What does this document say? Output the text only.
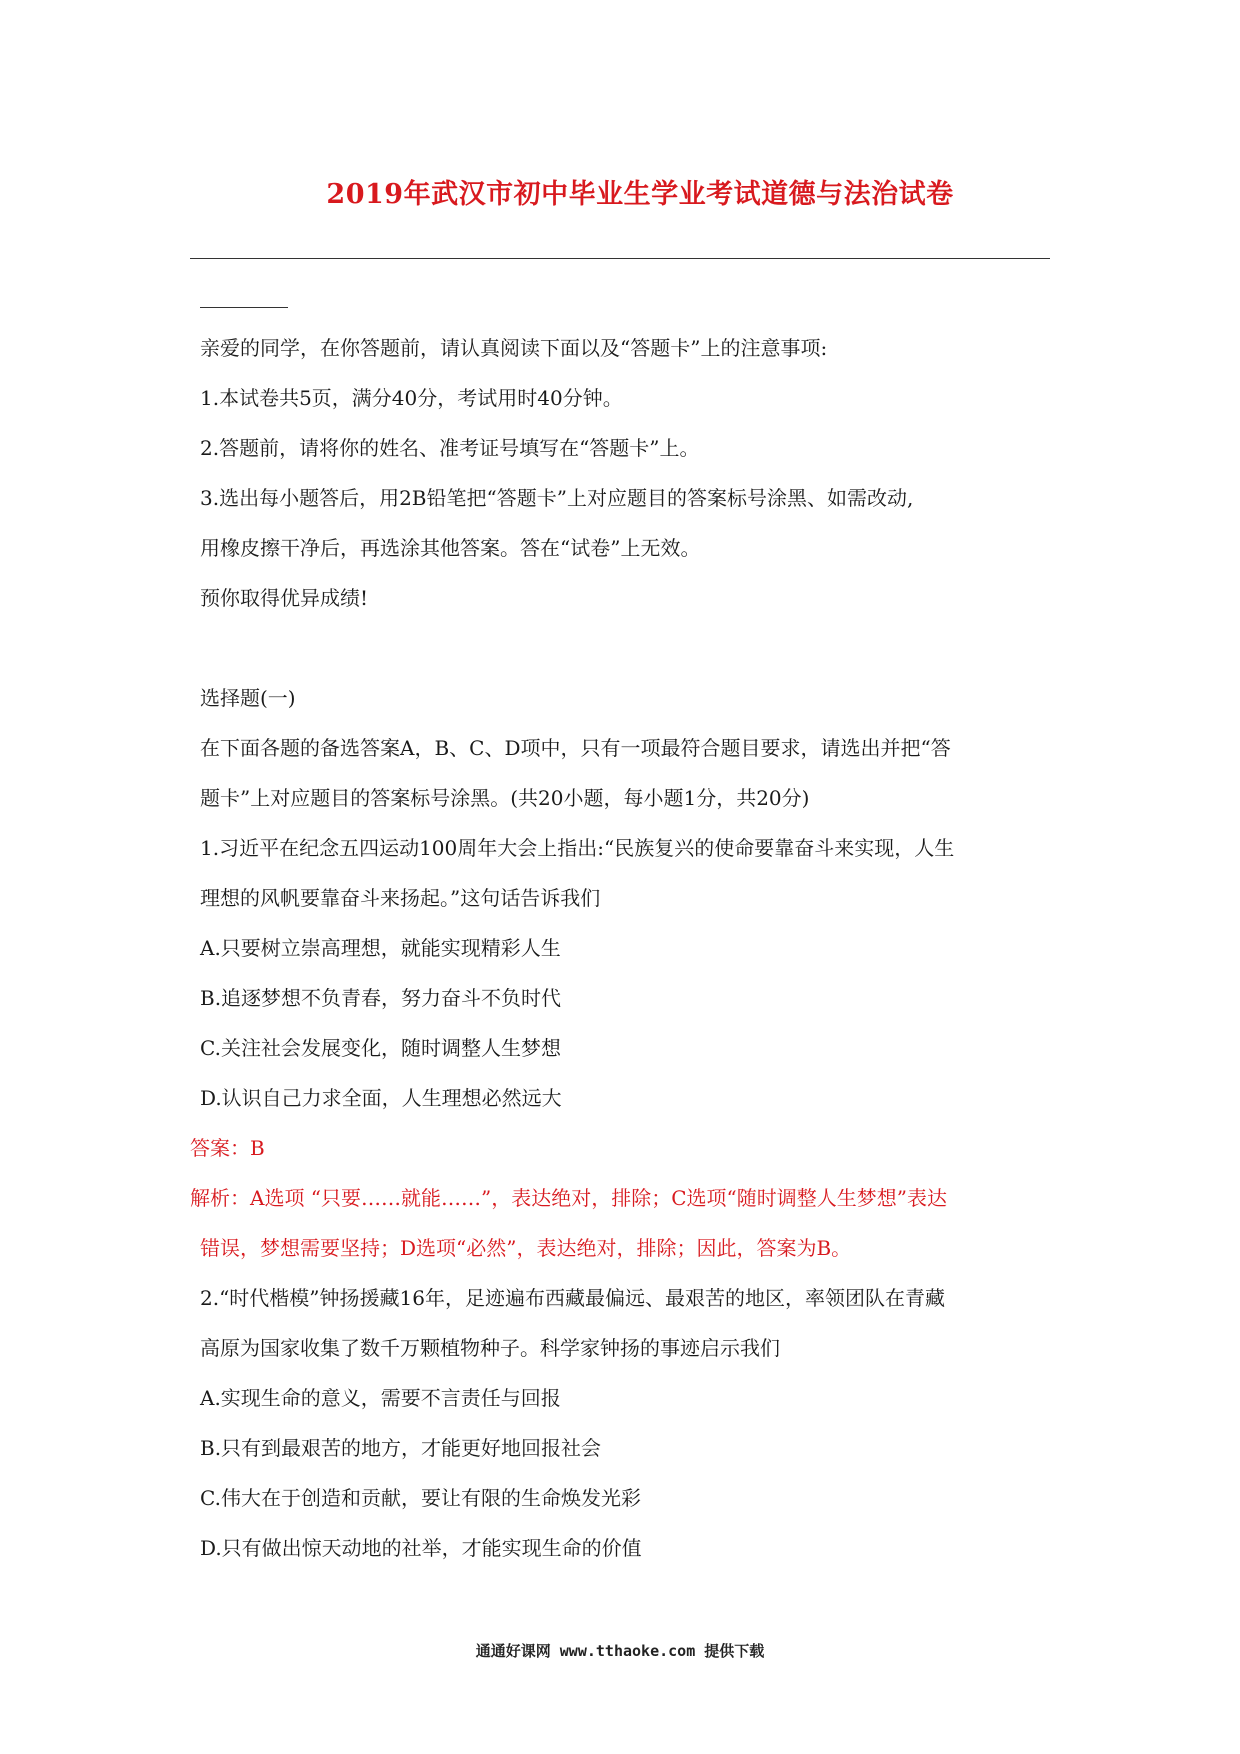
2019年武汉市初中毕业生学业考试道德与法治试卷
亲爱的同学，在你答题前，请认真阅读下面以及“答题卡”上的注意事项:
1.本试卷共5页，满分40分，考试用时40分钟。
2.答题前，请将你的姓名、准考证号填写在“答题卡”上。
3.选出每小题答后，用2B铅笔把“答题卡”上对应题目的答案标号涂黑、如需改动,
用橡皮擦干净后，再选涂其他答案。答在“试卷”上无效。
预你取得优异成绩!
选择题(一)
在下面各题的备选答案A，B、C、D项中，只有一项最符合题目要求，请选出并把“答
题卡”上对应题目的答案标号涂黑。(共20小题，每小题1分，共20分)
1.习近平在纪念五四运动100周年大会上指出:“民族复兴的使命要靠奋斗来实现，人生
理想的风帆要靠奋斗来扬起。”这句话告诉我们
A.只要树立崇高理想，就能实现精彩人生
B.追逐梦想不负青春，努力奋斗不负时代
C.关注社会发展变化，随时调整人生梦想
D.认识自己力求全面，人生理想必然远大
答案：B
解析：A选项 “只要……就能……”，表达绝对，排除；C选项“随时调整人生梦想”表达
错误，梦想需要坚持；D选项“必然”，表达绝对，排除；因此，答案为B。
2.“时代楷模”钟扬援藏16年，足迹遍布西藏最偏远、最艰苦的地区，率领团队在青藏
高原为国家收集了数千万颗植物种子。科学家钟扬的事迹启示我们
A.实现生命的意义，需要不言责任与回报
B.只有到最艰苦的地方，才能更好地回报社会
C.伟大在于创造和贡献，要让有限的生命焕发光彩
D.只有做出惊天动地的社举，才能实现生命的价值
通通好课网 www.tthaoke.com 提供下载
